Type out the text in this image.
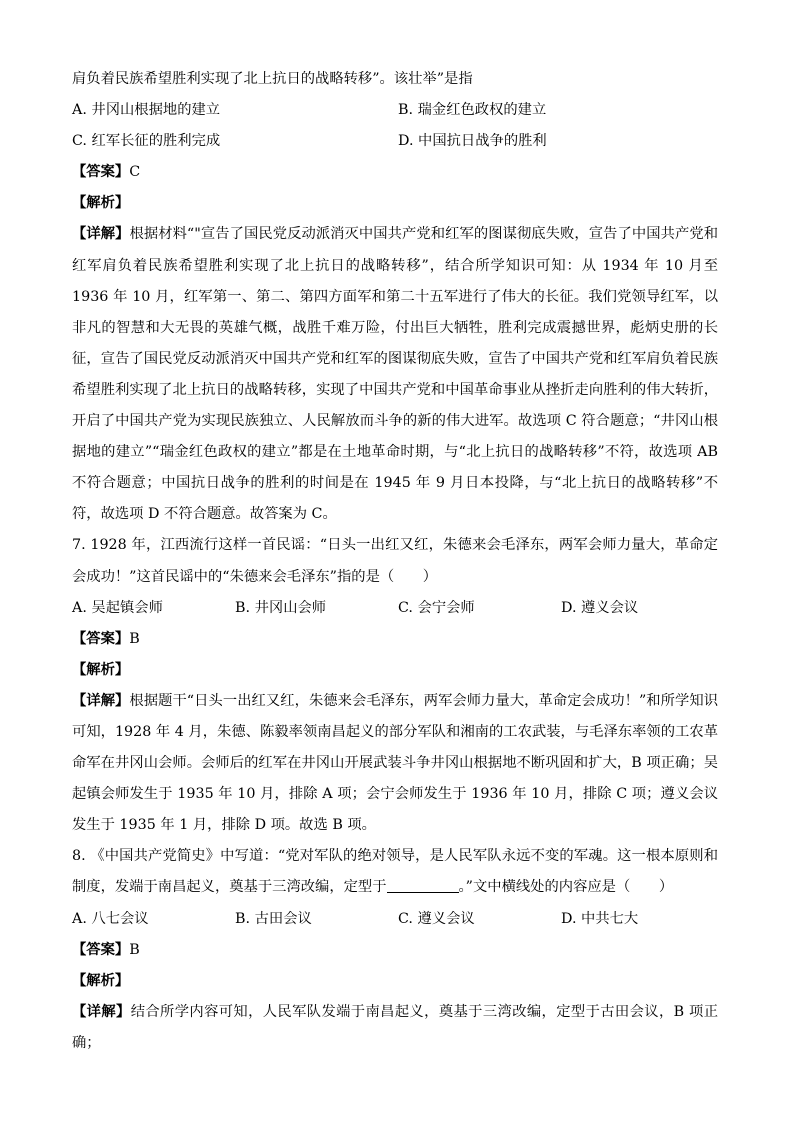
肩负着民族希望胜利实现了北上抗日的战略转移”。该壮举”是指
A. 井冈山根据地的建立	B. 瑞金红色政权的建立
C. 红军长征的胜利完成	D. 中国抗日战争的胜利
【答案】C
【解析】
【详解】根据材料“"宣告了国民党反动派消灭中国共产党和红军的图谋彻底失败，宣告了中国共产党和红军肩负着民族希望胜利实现了北上抗日的战略转移”，结合所学知识可知：从 1934 年 10 月至 1936 年 10 月，红军第一、第二、第四方面军和第二十五军进行了伟大的长征。我们党领导红军，以非凡的智慧和大无畏的英雄气概，战胜千难万险，付出巨大牺牲，胜利完成震撼世界，彪炳史册的长征，宣告了国民党反动派消灭中国共产党和红军的图谋彻底失败，宣告了中国共产党和红军肩负着民族希望胜利实现了北上抗日的战略转移，实现了中国共产党和中国革命事业从挫折走向胜利的伟大转折，开启了中国共产党为实现民族独立、人民解放而斗争的新的伟大进军。故选项 C 符合题意；“井冈山根据地的建立”“瑞金红色政权的建立”都是在土地革命时期，与“北上抗日的战略转移”不符，故选项 AB 不符合题意；中国抗日战争的胜利的时间是在 1945 年 9 月日本投降，与“北上抗日的战略转移”不符，故选项 D 不符合题意。故答案为 C。
7. 1928 年，江西流行这样一首民谣：“日头一出红又红，朱德来会毛泽东，两军会师力量大，革命定会成功！”这首民谣中的“朱德来会毛泽东”指的是（　　）
A. 吴起镇会师	B. 井冈山会师	C. 会宁会师	D. 遵义会议
【答案】B
【解析】
【详解】根据题干“日头一出红又红，朱德来会毛泽东，两军会师力量大，革命定会成功！”和所学知识可知，1928 年 4 月，朱德、陈毅率领南昌起义的部分军队和湘南的工农武装，与毛泽东率领的工农革命军在井冈山会师。会师后的红军在井冈山开展武装斗争井冈山根据地不断巩固和扩大，B 项正确；吴起镇会师发生于 1935 年 10 月，排除 A 项；会宁会师发生于 1936 年 10 月，排除 C 项；遵义会议发生于 1935 年 1 月，排除 D 项。故选 B 项。
8. 《中国共产党简史》中写道：“党对军队的绝对领导，是人民军队永远不变的军魂。这一根本原则和制度，发端于南昌起义，奠基于三湾改编，定型于	。”文中横线处的内容应是（　　）
A. 八七会议	B. 古田会议	C. 遵义会议	D. 中共七大
【答案】B
【解析】
【详解】结合所学内容可知，人民军队发端于南昌起义，奠基于三湾改编，定型于古田会议，B 项正确；
